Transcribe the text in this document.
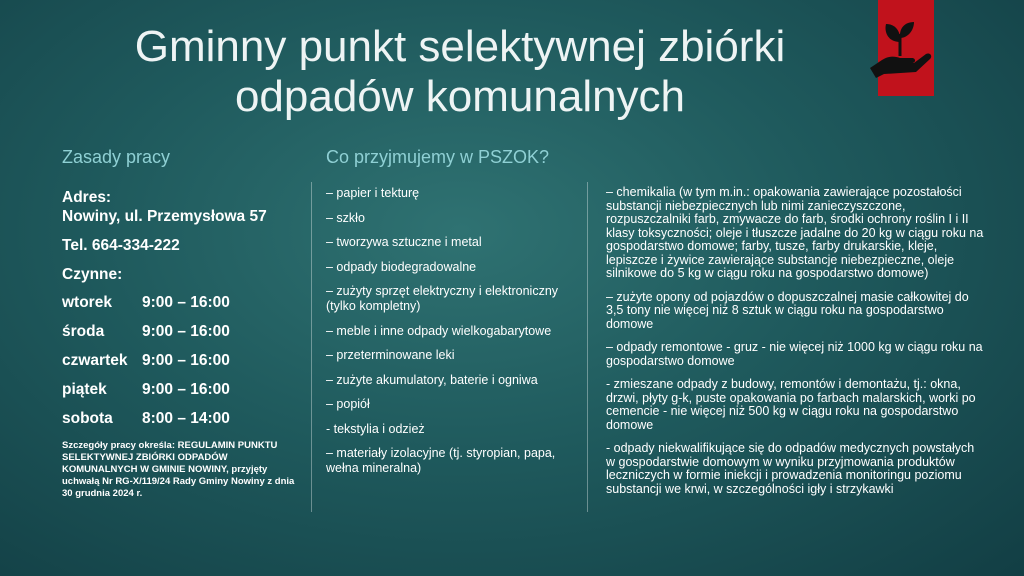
Gminny punkt selektywnej zbiórki
odpadów komunalnych
Zasady pracy	Co przyjmujemy w PSZOK?
Adres:
Nowiny, ul. Przemysłowa 57
Tel. 664-334-222
Czynne:
wtorek	9:00 – 16:00
środa	9:00 – 16:00
czwartek 9:00 – 16:00
piątek	9:00 – 16:00
sobota	8:00 – 14:00
Szczegóły pracy określa: REGULAMIN PUNKTU SELEKTYWNEJ ZBIÓRKI ODPADÓW KOMUNALNYCH W GMINIE NOWINY, przyjęty uchwałą Nr RG-X/119/24 Rady Gminy Nowiny z dnia 30 grudnia 2024 r.
– papier i tekturę
– szkło
– tworzywa sztuczne i metal
– odpady biodegradowalne
– zużyty sprzęt elektryczny i elektroniczny (tylko kompletny)
– meble i inne odpady wielkogabarytowe
– przeterminowane leki
– zużyte akumulatory, baterie i ogniwa
– popiół
- tekstylia i odzież
– materiały izolacyjne (tj. styropian, papa, wełna mineralna)
– chemikalia (w tym m.in.: opakowania zawierające pozostałości substancji niebezpiecznych lub nimi zanieczyszczone, rozpuszczalniki farb, zmywacze do farb, środki ochrony roślin I i II klasy toksyczności; oleje i tłuszcze jadalne do 20 kg w ciągu roku na gospodarstwo domowe; farby, tusze, farby drukarskie, kleje, lepiszcze i żywice zawierające substancje niebezpieczne, oleje silnikowe do 5 kg w ciągu roku na gospodarstwo domowe)
– zużyte opony od pojazdów o dopuszczalnej masie całkowitej do 3,5 tony nie więcej niż 8 sztuk w ciągu roku na gospodarstwo domowe
– odpady remontowe - gruz - nie więcej niż 1000 kg w ciągu roku na gospodarstwo domowe
- zmieszane odpady z budowy, remontów i demontażu, tj.: okna, drzwi, płyty g-k, puste opakowania po farbach malarskich, worki po cemencie - nie więcej niż 500 kg w ciągu roku na gospodarstwo domowe
- odpady niekwalifikujące się do odpadów medycznych powstałych w gospodarstwie domowym w wyniku przyjmowania produktów leczniczych w formie iniekcji i prowadzenia monitoringu poziomu substancji we krwi, w szczególności igły i strzykawki
